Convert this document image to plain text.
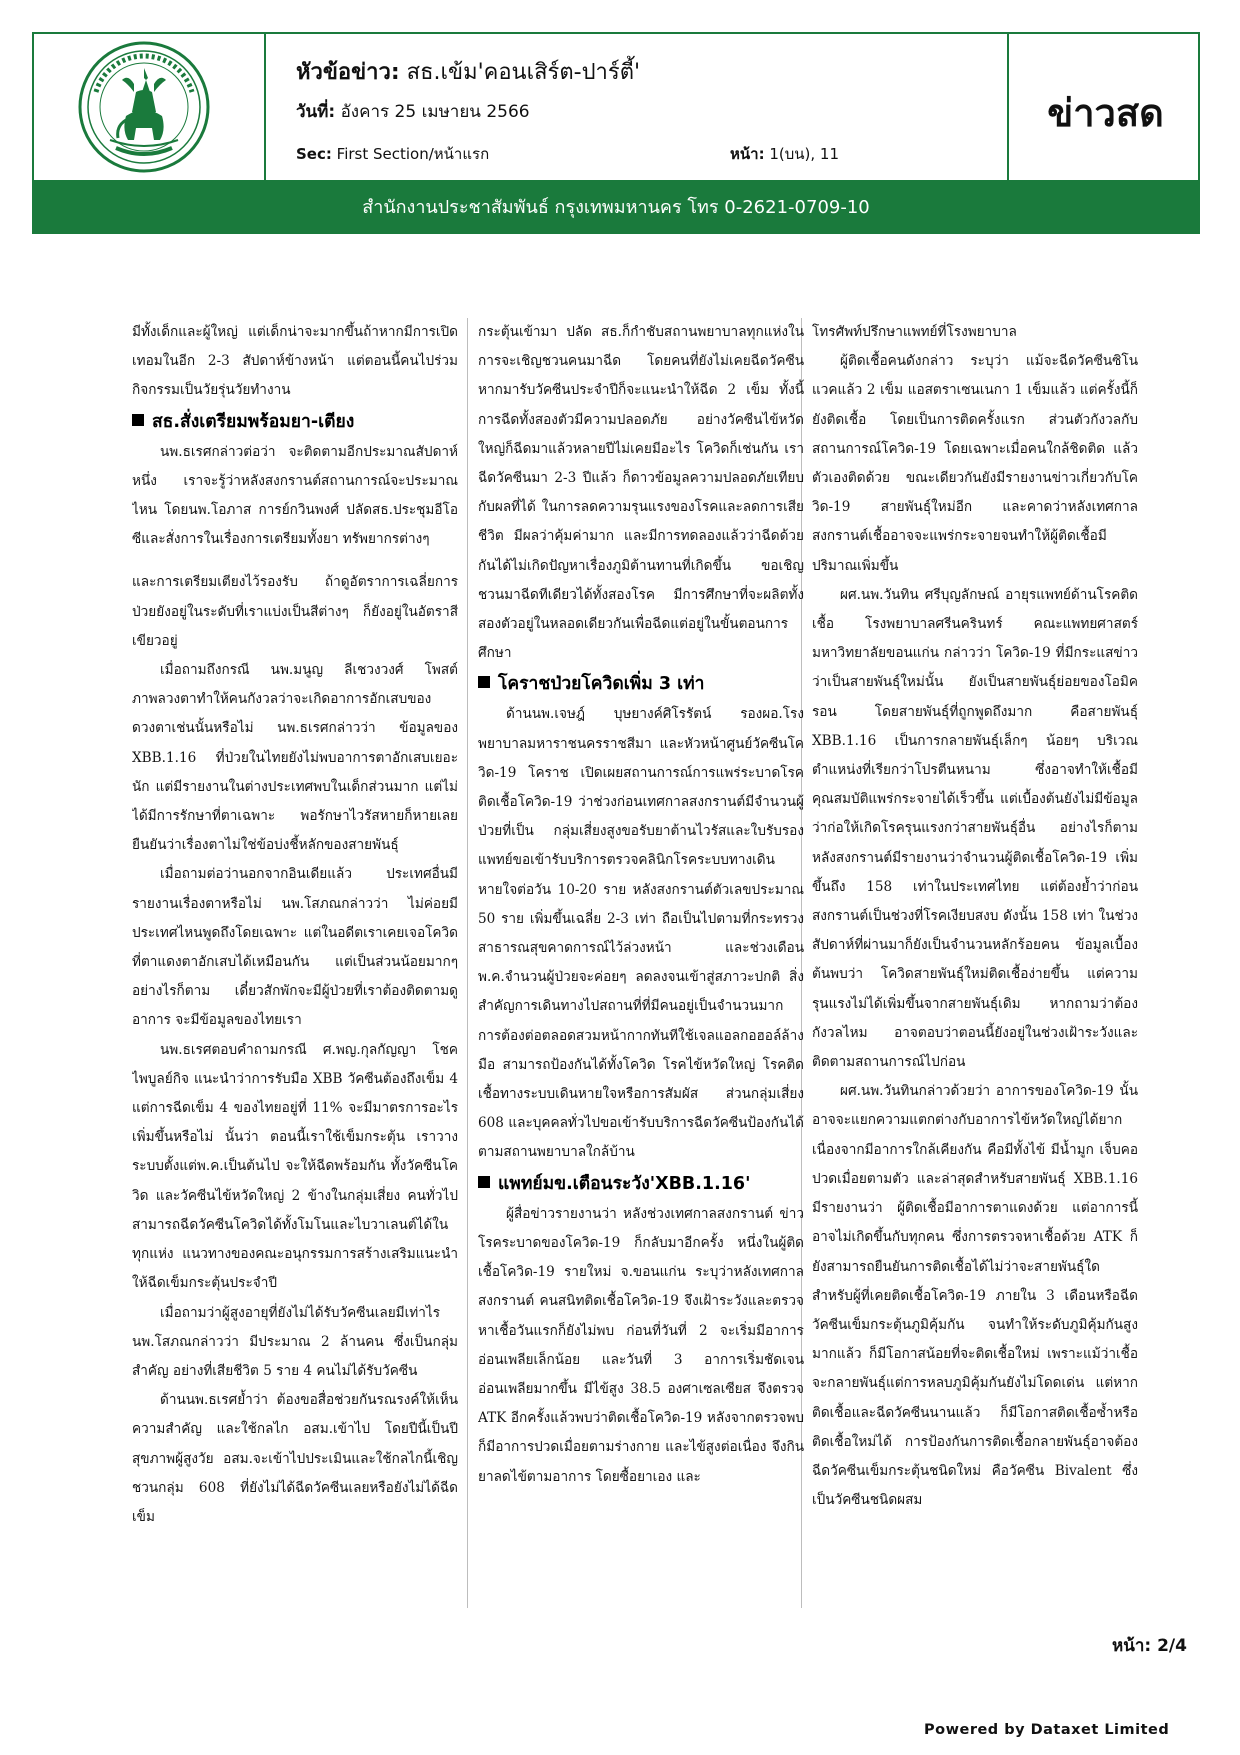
หัวข้อข่าว: สธ.เข้ม'คอนเสิร์ต-ปาร์ตี้'
วันที่: อังคาร 25 เมษายน 2566
Sec: First Section/หน้าแรก	หน้า: 1(บน), 11
ข่าวสด
สำนักงานประชาสัมพันธ์ กรุงเทพมหานคร โทร 0-2621-0709-10

มีทั้งเด็กและผู้ใหญ่ แต่เด็กน่าจะมากขึ้นถ้าหากมีการเปิดเทอมในอีก 2-3 สัปดาห์ข้างหน้า แต่ตอนนี้คนไปร่วมกิจกรรมเป็นวัยรุ่นวัยทำงาน

สธ.สั่งเตรียมพร้อมยา-เตียง

นพ.ธเรศกล่าวต่อว่า จะติดตามอีกประมาณสัปดาห์หนึ่ง เราจะรู้ว่าหลังสงกรานต์สถานการณ์จะประมาณไหน โดยนพ.โอภาส การย์กวินพงศ์ ปลัดสธ.ประชุมอีโอซีและสั่งการในเรื่องการเตรียมทั้งยา ทรัพยากรต่างๆ

และการเตรียมเตียงไว้รองรับ ถ้าดูอัตราการเฉลี่ยการป่วยยังอยู่ในระดับที่เราแบ่งเป็นสีต่างๆ ก็ยังอยู่ในอัตราสีเขียวอยู่

เมื่อถามถึงกรณี นพ.มนูญ ลีเชวงวงศ์ โพสต์ภาพลวงตาทำให้คนกังวลว่าจะเกิดอาการอักเสบของดวงตาเช่นนั้นหรือไม่ นพ.ธเรศกล่าวว่า ข้อมูลของ XBB.1.16 ที่ป่วยในไทยยังไม่พบอาการตาอักเสบเยอะนัก แต่มีรายงานในต่างประเทศพบในเด็กส่วนมาก แต่ไม่ได้มีการรักษาที่ตาเฉพาะ พอรักษาไวรัสหายก็หายเลย ยืนยันว่าเรื่องตาไม่ใช่ข้อบ่งชี้หลักของสายพันธุ์

เมื่อถามต่อว่านอกจากอินเดียแล้ว ประเทศอื่นมีรายงานเรื่องตาหรือไม่ นพ.โสภณกล่าวว่า ไม่ค่อยมีประเทศไหนพูดถึงโดยเฉพาะ แต่ในอดีตเราเคยเจอโควิดที่ตาแดงตาอักเสบได้เหมือนกัน แต่เป็นส่วนน้อยมากๆ อย่างไรก็ตาม เดี๋ยวสักพักจะมีผู้ป่วยที่เราต้องติดตามดูอาการ จะมีข้อมูลของไทยเรา

นพ.ธเรศตอบคำถามกรณี ศ.พญ.กุลกัญญา โชคไพบูลย์กิจ แนะนำว่าการรับมือ XBB วัคซีนต้องถึงเข็ม 4 แต่การฉีดเข็ม 4 ของไทยอยู่ที่ 11% จะมีมาตรการอะไรเพิ่มขึ้นหรือไม่ นั้นว่า ตอนนี้เราใช้เข็มกระตุ้น เราวางระบบตั้งแต่พ.ค.เป็นต้นไป จะให้ฉีดพร้อมกัน ทั้งวัคซีนโควิด และวัคซีนไข้หวัดใหญ่ 2 ข้างในกลุ่มเสี่ยง คนทั่วไปสามารถฉีดวัคซีนโควิดได้ทั้งโมโนและไบวาเลนต์ได้ในทุกแห่ง แนวทางของคณะอนุกรรมการสร้างเสริมแนะนำให้ฉีดเข็มกระตุ้นประจำปี

เมื่อถามว่าผู้สูงอายุที่ยังไม่ได้รับวัคซีนเลยมีเท่าไร นพ.โสภณกล่าวว่า มีประมาณ 2 ล้านคน ซึ่งเป็นกลุ่มสำคัญ อย่างที่เสียชีวิต 5 ราย 4 คนไม่ได้รับวัคซีน

ด้านนพ.ธเรศย้ำว่า ต้องขอสื่อช่วยกันรณรงค์ให้เห็นความสำคัญ และใช้กลไก อสม.เข้าไป โดยปีนี้เป็นปีสุขภาพผู้สูงวัย อสม.จะเข้าไปประเมินและใช้กลไกนี้เชิญชวนกลุ่ม 608 ที่ยังไม่ได้ฉีดวัคซีนเลยหรือยังไม่ได้ฉีดเข็ม

กระตุ้นเข้ามา ปลัด สธ.ก็กำชับสถานพยาบาลทุกแห่งในการจะเชิญชวนคนมาฉีด โดยคนที่ยังไม่เคยฉีดวัคซีนหากมารับวัคซีนประจำปีก็จะแนะนำให้ฉีด 2 เข็ม ทั้งนี้ การฉีดทั้งสองตัวมีความปลอดภัย อย่างวัคซีนไข้หวัดใหญ่ก็ฉีดมาแล้วหลายปีไม่เคยมีอะไร โควิดก็เช่นกัน เราฉีดวัคซีนมา 2-3 ปีแล้ว ก็ดาวข้อมูลความปลอดภัยเทียบกับผลที่ได้ ในการลดความรุนแรงของโรคและลดการเสียชีวิต มีผลว่าคุ้มค่ามาก และมีการทดลองแล้วว่าฉีดด้วยกันได้ไม่เกิดปัญหาเรื่องภูมิต้านทานที่เกิดขึ้น ขอเชิญชวนมาฉีดทีเดียวได้ทั้งสองโรค มีการศึกษาที่จะผลิตทั้งสองตัวอยู่ในหลอดเดียวกันเพื่อฉีดแต่อยู่ในขั้นตอนการศึกษา

โคราชป่วยโควิดเพิ่ม 3 เท่า

ด้านนพ.เจษฎ์ บุษยางค์ศิโรรัตน์ รองผอ.โรงพยาบาลมหาราชนครราชสีมา และหัวหน้าศูนย์วัคซีนโควิด-19 โคราช เปิดเผยสถานการณ์การแพร่ระบาดโรคติดเชื้อโควิด-19 ว่าช่วงก่อนเทศกาลสงกรานต์มีจำนวนผู้ป่วยที่เป็น กลุ่มเสี่ยงสูงขอรับยาต้านไวรัสและใบรับรองแพทย์ขอเข้ารับบริการตรวจคลินิกโรคระบบทางเดินหายใจต่อวัน 10-20 ราย หลังสงกรานต์ตัวเลขประมาณ 50 ราย เพิ่มขึ้นเฉลี่ย 2-3 เท่า ถือเป็นไปตามที่กระทรวงสาธารณสุขคาดการณ์ไว้ล่วงหน้า และช่วงเดือนพ.ค.จำนวนผู้ป่วยจะค่อยๆ ลดลงจนเข้าสู่สภาวะปกติ สิ่งสำคัญการเดินทางไปสถานที่ที่มีคนอยู่เป็นจำนวนมาก การต้องต่อตลอดสวมหน้ากากทันทีใช้เจลแอลกอฮอล์ล้างมือ สามารถป้องกันได้ทั้งโควิด โรคไข้หวัดใหญ่ โรคติดเชื้อทางระบบเดินหายใจหรือการสัมผัส ส่วนกลุ่มเสี่ยง 608 และบุคคลทั่วไปขอเข้ารับบริการฉีดวัคซีนป้องกันได้ตามสถานพยาบาลใกล้บ้าน

แพทย์มข.เตือนระวัง'XBB.1.16'

ผู้สื่อข่าวรายงานว่า หลังช่วงเทศกาลสงกรานต์ ข่าวโรคระบาดของโควิด-19 ก็กลับมาอีกครั้ง หนึ่งในผู้ติดเชื้อโควิด-19 รายใหม่ จ.ขอนแก่น ระบุว่าหลังเทศกาลสงกรานต์ คนสนิทติดเชื้อโควิด-19 จึงเฝ้าระวังและตรวจหาเชื้อวันแรกก็ยังไม่พบ ก่อนที่วันที่ 2 จะเริ่มมีอาการอ่อนเพลียเล็กน้อย และวันที่ 3 อาการเริ่มชัดเจน อ่อนเพลียมากขึ้น มีไข้สูง 38.5 องศาเซลเซียส จึงตรวจ ATK อีกครั้งแล้วพบว่าติดเชื้อโควิด-19 หลังจากตรวจพบก็มีอาการปวดเมื่อยตามร่างกาย และไข้สูงต่อเนื่อง จึงกินยาลดไข้ตามอาการ โดยซื้อยาเอง และ

โทรศัพท์ปรึกษาแพทย์ที่โรงพยาบาล

ผู้ติดเชื้อคนดังกล่าว ระบุว่า แม้จะฉีดวัคซีนซิโนแวคแล้ว 2 เข็ม แอสตราเซนเนกา 1 เข็มแล้ว แต่ครั้งนี้ก็ยังติดเชื้อ โดยเป็นการติดครั้งแรก ส่วนตัวกังวลกับสถานการณ์โควิด-19 โดยเฉพาะเมื่อคนใกล้ชิดติด แล้วตัวเองติดด้วย ขณะเดียวกันยังมีรายงานข่าวเกี่ยวกับโควิด-19 สายพันธุ์ใหม่อีก และคาดว่าหลังเทศกาลสงกรานต์เชื้ออาจจะแพร่กระจายจนทำให้ผู้ติดเชื้อมีปริมาณเพิ่มขึ้น

ผศ.นพ.วันทิน ศรีบุญลักษณ์ อายุรแพทย์ด้านโรคติดเชื้อ โรงพยาบาลศรีนครินทร์ คณะแพทยศาสตร์ มหาวิทยาลัยขอนแก่น กล่าวว่า โควิด-19 ที่มีกระแสข่าวว่าเป็นสายพันธุ์ใหม่นั้น ยังเป็นสายพันธุ์ย่อยของโอมิครอน โดยสายพันธุ์ที่ถูกพูดถึงมาก คือสายพันธุ์ XBB.1.16 เป็นการกลายพันธุ์เล็กๆ น้อยๆ บริเวณตำแหน่งที่เรียกว่าโปรตีนหนาม ซึ่งอาจทำให้เชื้อมีคุณสมบัติแพร่กระจายได้เร็วขึ้น แต่เบื้องต้นยังไม่มีข้อมูลว่าก่อให้เกิดโรครุนแรงกว่าสายพันธุ์อื่น อย่างไรก็ตาม หลังสงกรานต์มีรายงานว่าจำนวนผู้ติดเชื้อโควิด-19 เพิ่มขึ้นถึง 158 เท่าในประเทศไทย แต่ต้องย้ำว่าก่อนสงกรานต์เป็นช่วงที่โรคเงียบสงบ ดังนั้น 158 เท่า ในช่วงสัปดาห์ที่ผ่านมาก็ยังเป็นจำนวนหลักร้อยคน ข้อมูลเบื้องต้นพบว่า โควิดสายพันธุ์ใหม่ติดเชื้อง่ายขึ้น แต่ความรุนแรงไม่ได้เพิ่มขึ้นจากสายพันธุ์เดิม หากถามว่าต้องกังวลไหม อาจตอบว่าตอนนี้ยังอยู่ในช่วงเฝ้าระวังและติดตามสถานการณ์ไปก่อน

ผศ.นพ.วันทินกล่าวด้วยว่า อาการของโควิด-19 นั้น อาจจะแยกความแตกต่างกับอาการไข้หวัดใหญ่ได้ยาก เนื่องจากมีอาการใกล้เคียงกัน คือมีทั้งไข้ มีน้ำมูก เจ็บคอ ปวดเมื่อยตามตัว และล่าสุดสำหรับสายพันธุ์ XBB.1.16 มีรายงานว่า ผู้ติดเชื้อมีอาการตาแดงด้วย แต่อาการนี้อาจไม่เกิดขึ้นกับทุกคน ซึ่งการตรวจหาเชื้อด้วย ATK ก็ยังสามารถยืนยันการติดเชื้อได้ไม่ว่าจะสายพันธุ์ใด สำหรับผู้ที่เคยติดเชื้อโควิด-19 ภายใน 3 เดือนหรือฉีดวัคซีนเข็มกระตุ้นภูมิคุ้มกัน จนทำให้ระดับภูมิคุ้มกันสูงมากแล้ว ก็มีโอกาสน้อยที่จะติดเชื้อใหม่ เพราะแม้ว่าเชื้อจะกลายพันธุ์แต่การหลบภูมิคุ้มกันยังไม่โดดเด่น แต่หากติดเชื้อและฉีดวัคซีนนานแล้ว ก็มีโอกาสติดเชื้อซ้ำหรือติดเชื้อใหม่ได้ การป้องกันการติดเชื้อกลายพันธุ์อาจต้องฉีดวัคซีนเข็มกระตุ้นชนิดใหม่ คือวัคซีน Bivalent ซึ่งเป็นวัคซีนชนิดผสม

หน้า: 2/4
Powered by Dataxet Limited
